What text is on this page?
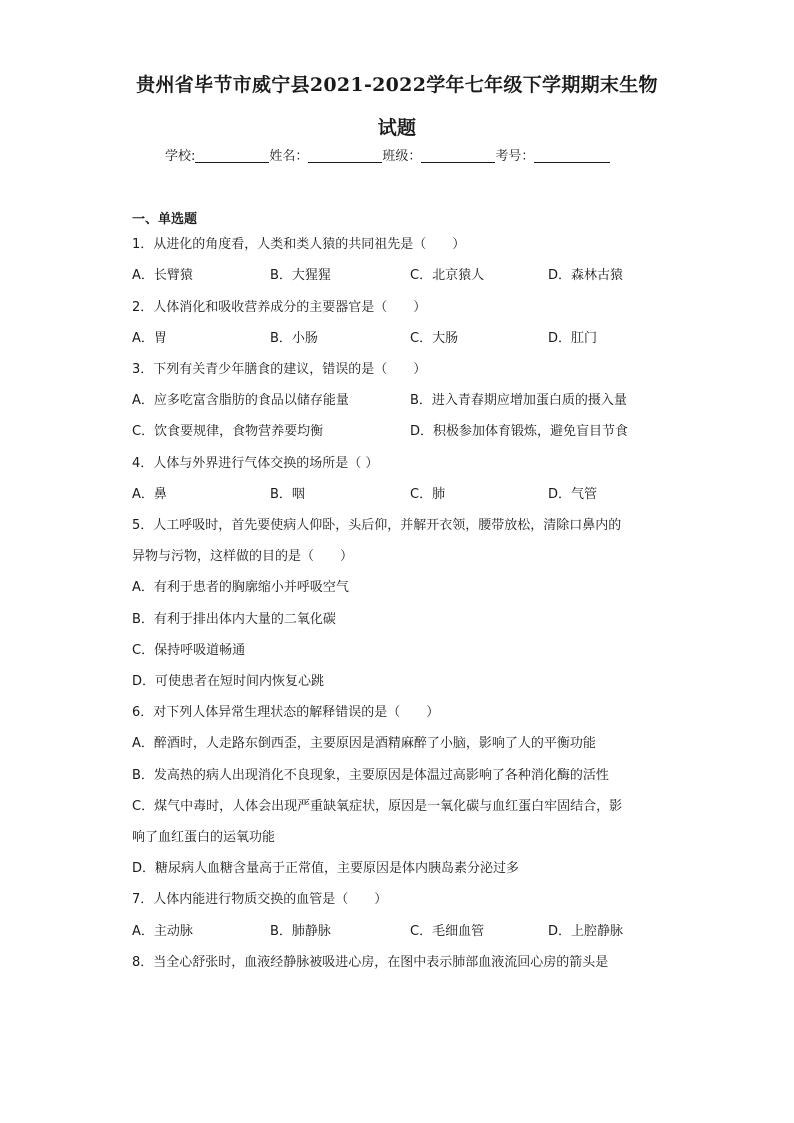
贵州省毕节市威宁县2021-2022学年七年级下学期期末生物
试题
学校:	姓名：	班级：	考号：
一、单选题
1．从进化的角度看，人类和类人猿的共同祖先是（　　）
A．长臂猿	B．大猩猩	C．北京猿人	D．森林古猿
2．人体消化和吸收营养成分的主要器官是（　　）
A．胃	B．小肠	C．大肠	D．肛门
3．下列有关青少年膳食的建议，错误的是（　　）
A．应多吃富含脂肪的食品以储存能量	B．进入青春期应增加蛋白质的摄入量
C．饮食要规律，食物营养要均衡	D．积极参加体育锻炼，避免盲目节食
4．人体与外界进行气体交换的场所是（ ）
A．鼻	B．咽	C．肺	D．气管
5．人工呼吸时，首先要使病人仰卧，头后仰，并解开衣领，腰带放松，清除口鼻内的
异物与污物，这样做的目的是（　　）
A．有利于患者的胸廓缩小并呼吸空气
B．有利于排出体内大量的二氧化碳
C．保持呼吸道畅通
D．可使患者在短时间内恢复心跳
6．对下列人体异常生理状态的解释错误的是（　　）
A．醉酒时，人走路东倒西歪，主要原因是酒精麻醉了小脑，影响了人的平衡功能
B．发高热的病人出现消化不良现象，主要原因是体温过高影响了各种消化酶的活性
C．煤气中毒时，人体会出现严重缺氧症状，原因是一氧化碳与血红蛋白牢固结合，影
响了血红蛋白的运氧功能
D．糖尿病人血糖含量高于正常值，主要原因是体内胰岛素分泌过多
7．人体内能进行物质交换的血管是（　　）
A．主动脉	B．肺静脉	C．毛细血管	D．上腔静脉
8．当全心舒张时，血液经静脉被吸进心房，在图中表示肺部血液流回心房的箭头是
